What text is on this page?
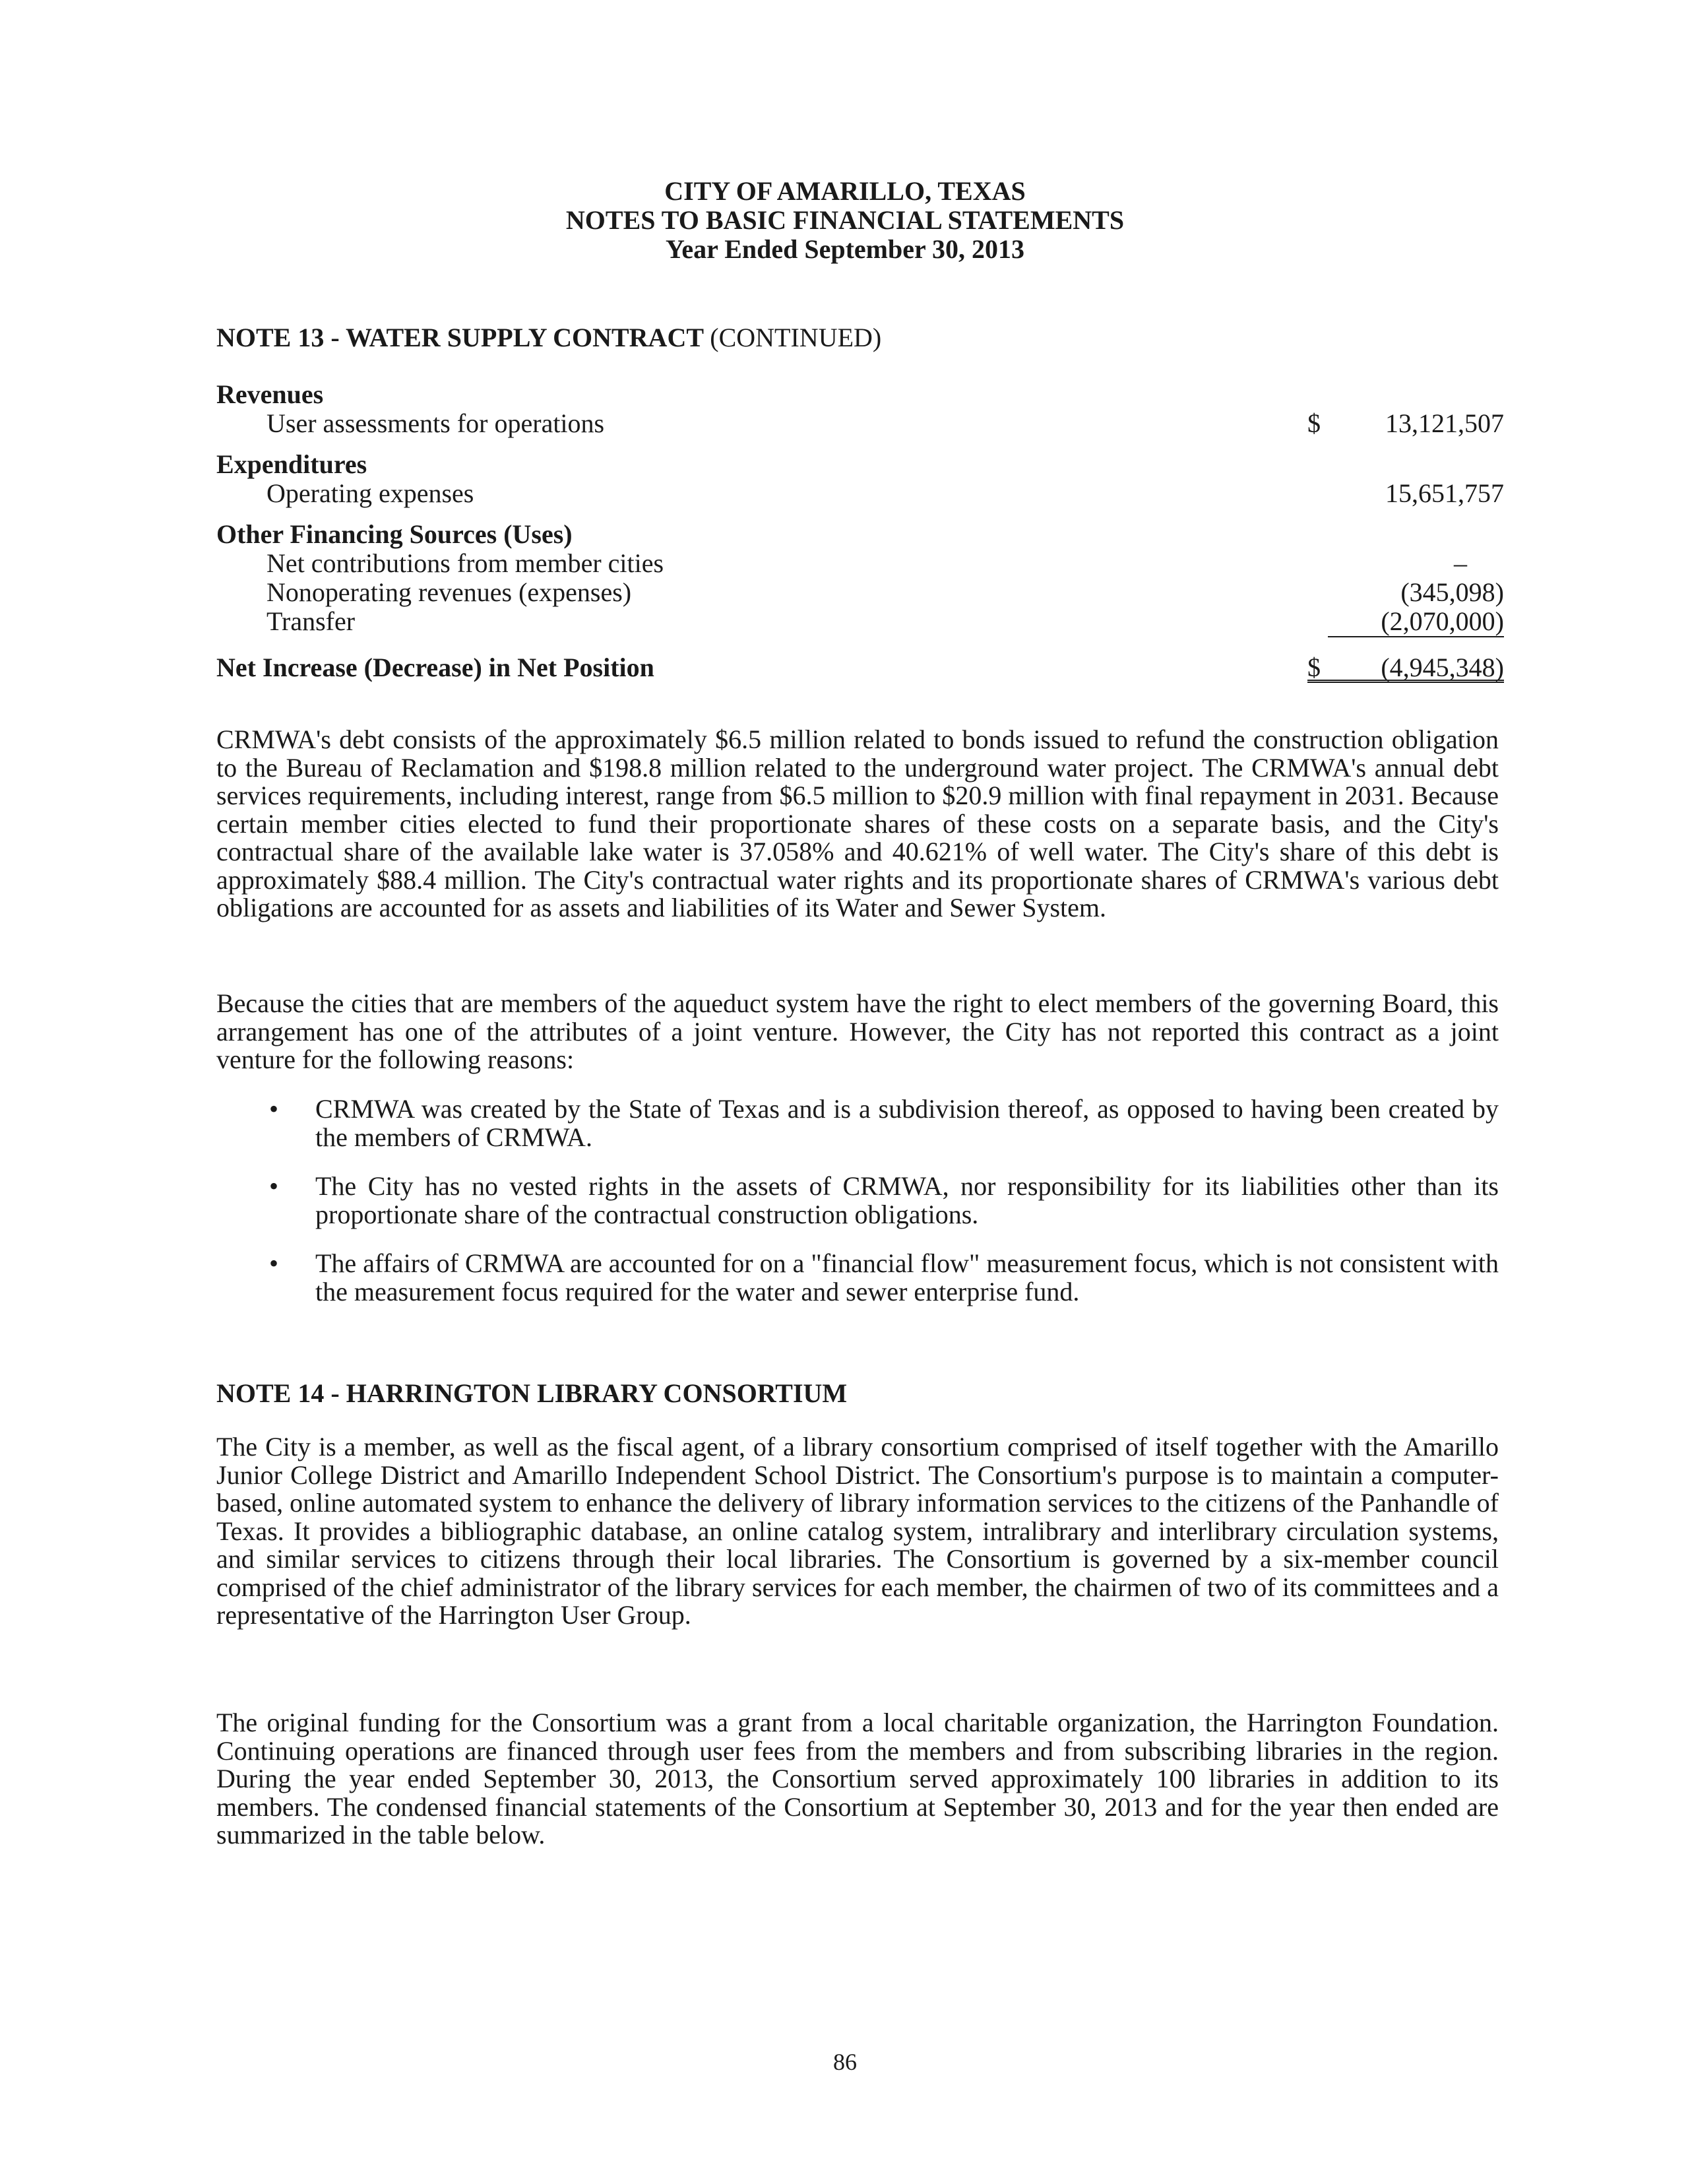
CITY OF AMARILLO, TEXAS
NOTES TO BASIC FINANCIAL STATEMENTS
Year Ended September 30, 2013
NOTE 13 - WATER SUPPLY CONTRACT (CONTINUED)
Revenues
User assessments for operations	$ 13,121,507
Expenditures
Operating expenses	15,651,757
Other Financing Sources (Uses)
Net contributions from member cities	–
Nonoperating revenues (expenses)	(345,098)
Transfer	(2,070,000)
Net Increase (Decrease) in Net Position	$ (4,945,348)

CRMWA's debt consists of the approximately $6.5 million related to bonds issued to refund the construction obligation to the Bureau of Reclamation and $198.8 million related to the underground water project. The CRMWA's annual debt services requirements, including interest, range from $6.5 million to $20.9 million with final repayment in 2031. Because certain member cities elected to fund their proportionate shares of these costs on a separate basis, and the City's contractual share of the available lake water is 37.058% and 40.621% of well water. The City's share of this debt is approximately $88.4 million. The City's contractual water rights and its proportionate shares of CRMWA's various debt obligations are accounted for as assets and liabilities of its Water and Sewer System.

Because the cities that are members of the aqueduct system have the right to elect members of the governing Board, this arrangement has one of the attributes of a joint venture. However, the City has not reported this contract as a joint venture for the following reasons:

• CRMWA was created by the State of Texas and is a subdivision thereof, as opposed to having been created by the members of CRMWA.
• The City has no vested rights in the assets of CRMWA, nor responsibility for its liabilities other than its proportionate share of the contractual construction obligations.
• The affairs of CRMWA are accounted for on a "financial flow" measurement focus, which is not consistent with the measurement focus required for the water and sewer enterprise fund.
NOTE 14 - HARRINGTON LIBRARY CONSORTIUM

The City is a member, as well as the fiscal agent, of a library consortium comprised of itself together with the Amarillo Junior College District and Amarillo Independent School District. The Consortium's purpose is to maintain a computer-based, online automated system to enhance the delivery of library information services to the citizens of the Panhandle of Texas. It provides a bibliographic database, an online catalog system, intralibrary and interlibrary circulation systems, and similar services to citizens through their local libraries. The Consortium is governed by a six-member council comprised of the chief administrator of the library services for each member, the chairmen of two of its committees and a representative of the Harrington User Group.

The original funding for the Consortium was a grant from a local charitable organization, the Harrington Foundation. Continuing operations are financed through user fees from the members and from subscribing libraries in the region. During the year ended September 30, 2013, the Consortium served approximately 100 libraries in addition to its members. The condensed financial statements of the Consortium at September 30, 2013 and for the year then ended are summarized in the table below.

86
